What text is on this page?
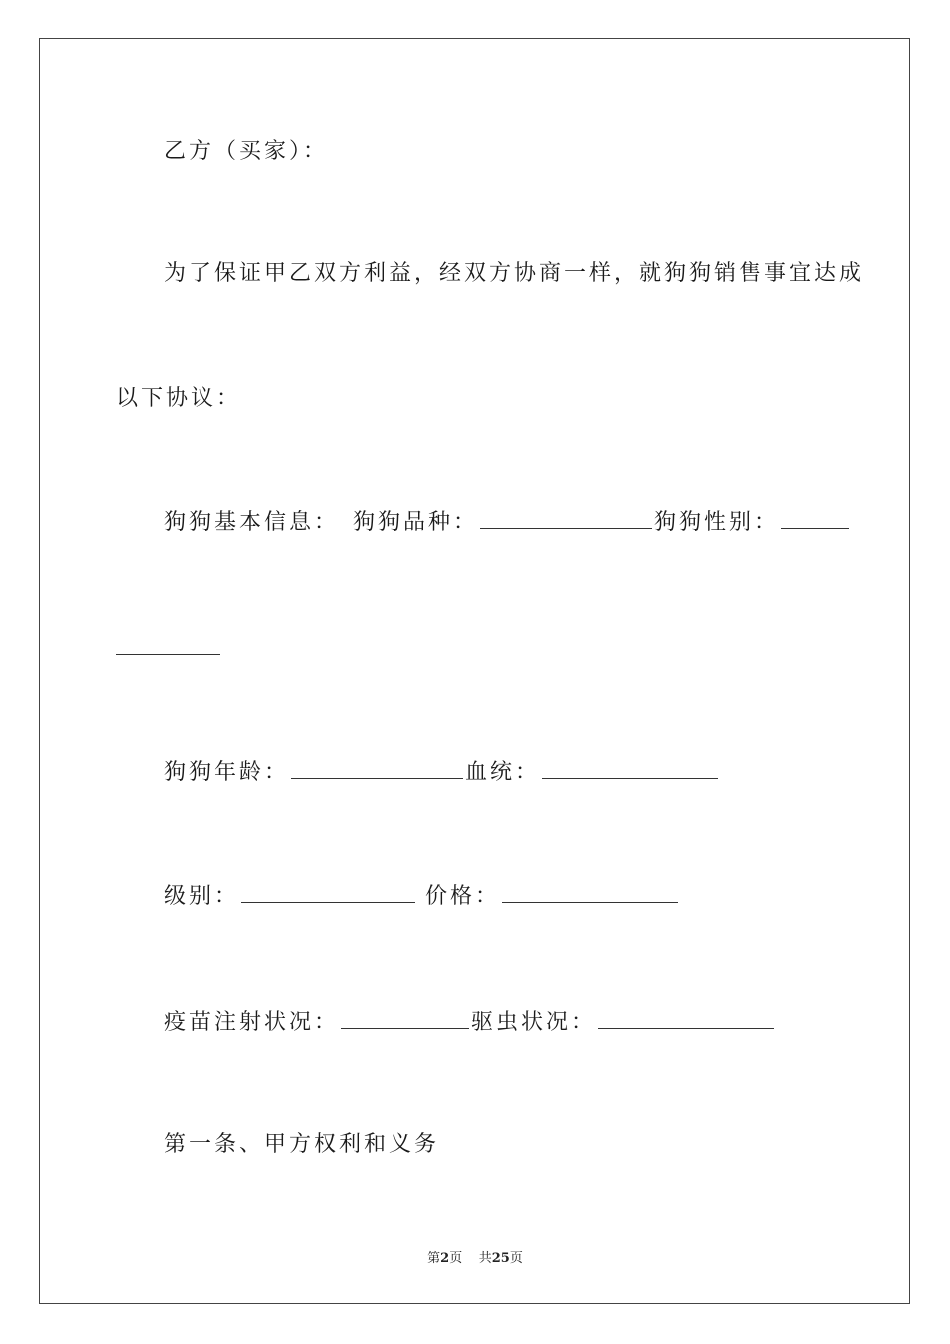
乙方（买家）：
为了保证甲乙双方利益，经双方协商一样，就狗狗销售事宜达成
以下协议：
狗狗基本信息： 狗狗品种：	狗狗性别：
狗狗年龄：	血统：
级别：	价格：
疫苗注射状况：	驱虫状况：
第一条、甲方权利和义务
第2页 共25页
